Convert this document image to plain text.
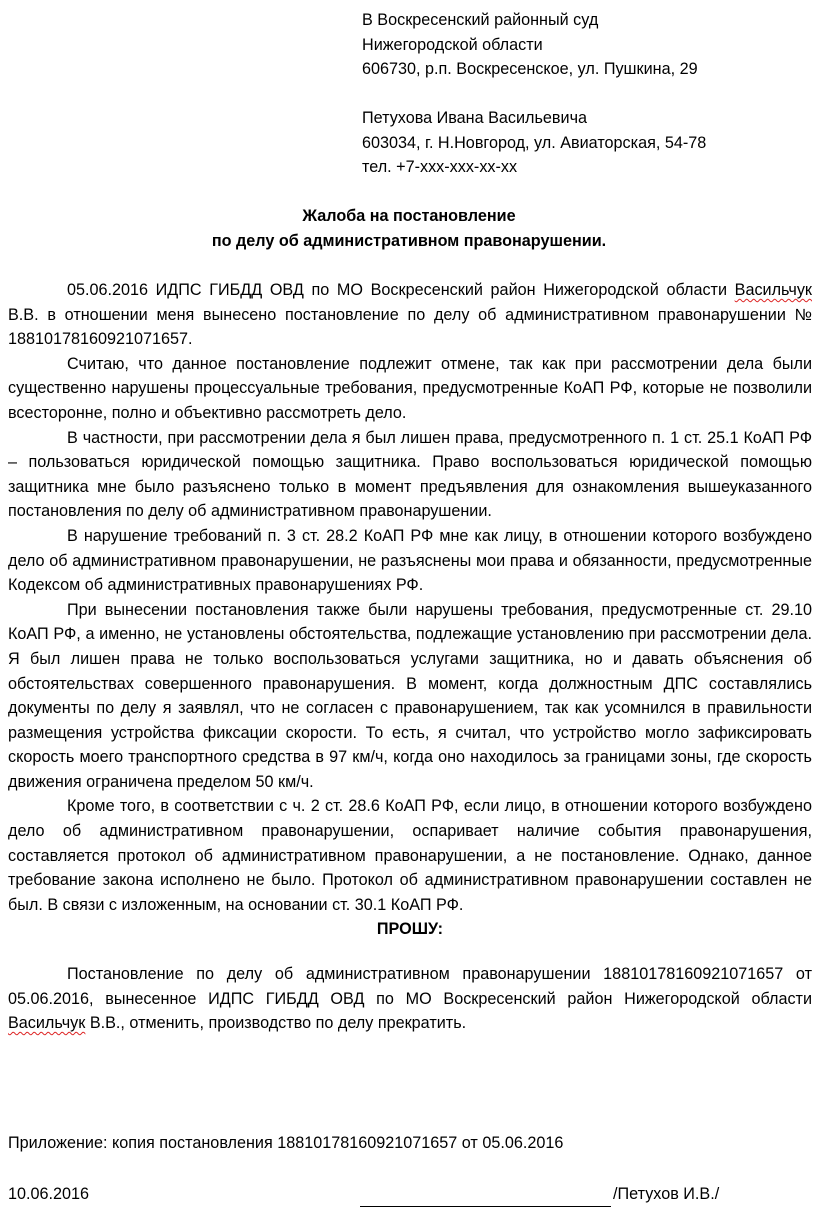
В Воскресенский районный суд
Нижегородской области
606730, р.п. Воскресенское, ул. Пушкина, 29
Петухова Ивана Васильевича
603034, г. Н.Новгород, ул. Авиаторская, 54-78
тел. +7-ххх-ххх-хх-хх
Жалоба на постановление
по делу об административном правонарушении.

05.06.2016 ИДПС ГИБДД ОВД по МО Воскресенский район Нижегородской области Васильчук В.В. в отношении меня вынесено постановление по делу об административном правонарушении № 18810178160921071657.

Считаю, что данное постановление подлежит отмене, так как при рассмотрении дела были существенно нарушены процессуальные требования, предусмотренные КоАП РФ, которые не позволили всесторонне, полно и объективно рассмотреть дело.

В частности, при рассмотрении дела я был лишен права, предусмотренного п. 1 ст. 25.1 КоАП РФ – пользоваться юридической помощью защитника. Право воспользоваться юридической помощью защитника мне было разъяснено только в момент предъявления для ознакомления вышеуказанного постановления по делу об административном правонарушении.

В нарушение требований п. 3 ст. 28.2 КоАП РФ мне как лицу, в отношении которого возбуждено дело об административном правонарушении, не разъяснены мои права и обязанности, предусмотренные Кодексом об административных правонарушениях РФ.

При вынесении постановления также были нарушены требования, предусмотренные ст. 29.10 КоАП РФ, а именно, не установлены обстоятельства, подлежащие установлению при рассмотрении дела. Я был лишен права не только воспользоваться услугами защитника, но и давать объяснения об обстоятельствах совершенного правонарушения. В момент, когда должностным ДПС составлялись документы по делу я заявлял, что не согласен с правонарушением, так как усомнился в правильности размещения устройства фиксации скорости. То есть, я считал, что устройство могло зафиксировать скорость моего транспортного средства в 97 км/ч, когда оно находилось за границами зоны, где скорость движения ограничена пределом 50 км/ч.

Кроме того, в соответствии с ч. 2 ст. 28.6 КоАП РФ, если лицо, в отношении которого возбуждено дело об административном правонарушении, оспаривает наличие события правонарушения, составляется протокол об административном правонарушении, а не постановление. Однако, данное требование закона исполнено не было. Протокол об административном правонарушении составлен не был. В связи с изложенным, на основании ст. 30.1 КоАП РФ.

ПРОШУ:

Постановление по делу об административном правонарушении 18810178160921071657 от 05.06.2016, вынесенное ИДПС ГИБДД ОВД по МО Воскресенский район Нижегородской области Васильчук В.В., отменить, производство по делу прекратить.

Приложение: копия постановления 18810178160921071657 от 05.06.2016
10.06.2016	/Петухов И.В./
